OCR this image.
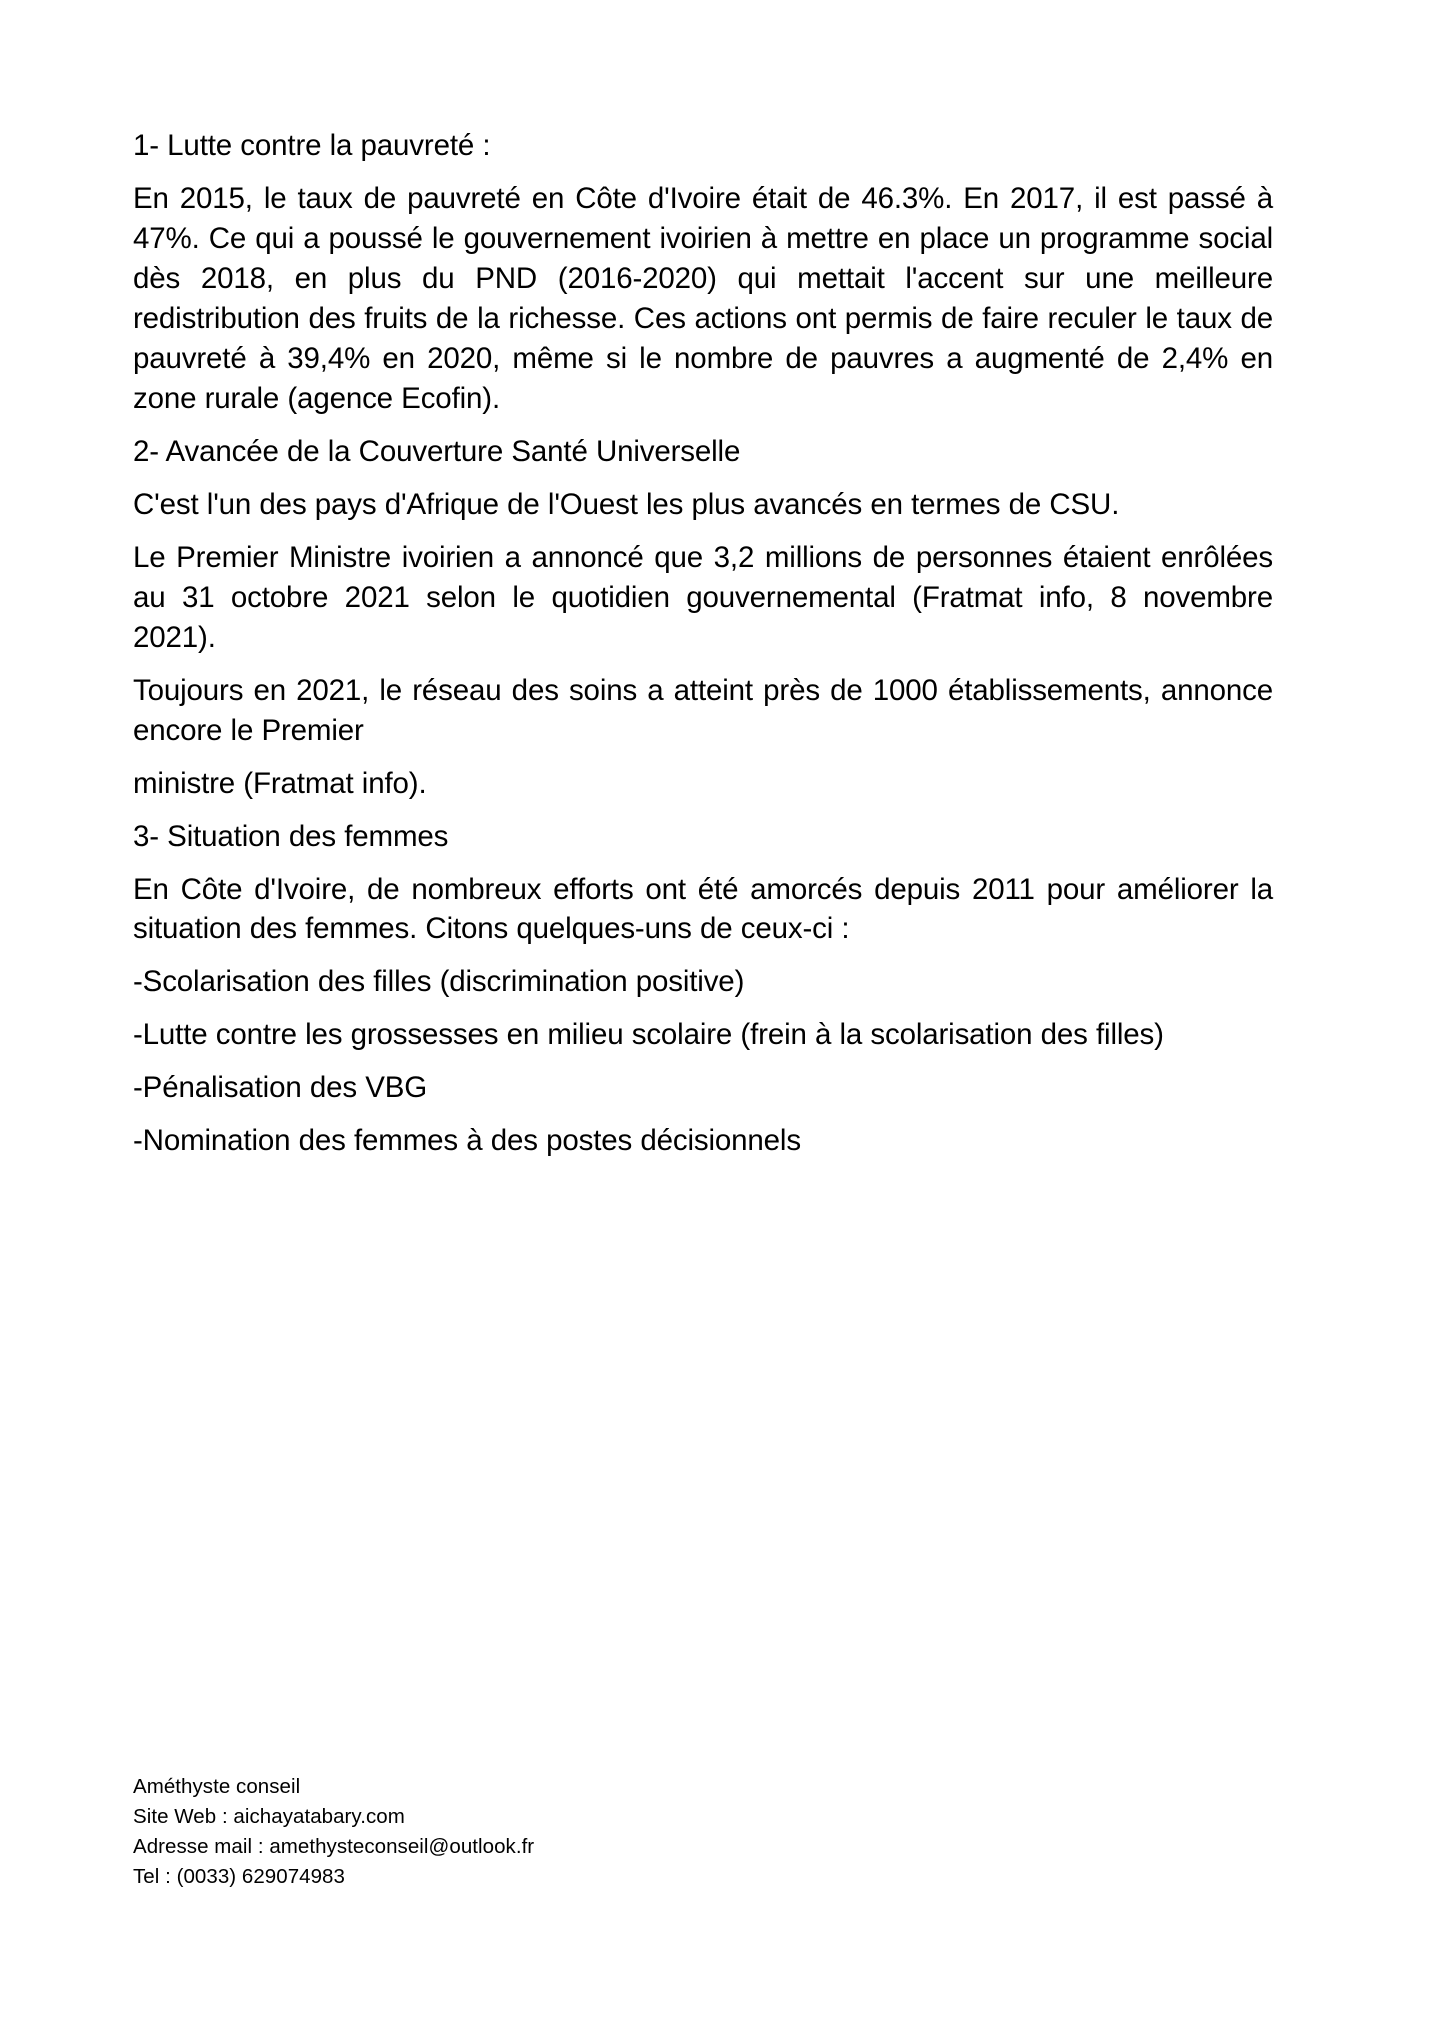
1- Lutte contre la pauvreté :

En 2015, le taux de pauvreté en Côte d'Ivoire était de 46.3%. En 2017, il est passé à 47%. Ce qui a poussé le gouvernement ivoirien à mettre en place un programme social dès 2018, en plus du PND (2016-2020) qui mettait l'accent sur une meilleure redistribution des fruits de la richesse. Ces actions ont permis de faire reculer le taux de pauvreté à 39,4% en 2020, même si le nombre de pauvres a augmenté de 2,4% en zone rurale (agence Ecofin).

2- Avancée de la Couverture Santé Universelle

C'est l'un des pays d'Afrique de l'Ouest les plus avancés en termes de CSU.

Le Premier Ministre ivoirien a annoncé que 3,2 millions de personnes étaient enrôlées au 31 octobre 2021 selon le quotidien gouvernemental (Fratmat info, 8 novembre 2021).

Toujours en 2021, le réseau des soins a atteint près de 1000 établissements, annonce encore le Premier

ministre (Fratmat info).

3- Situation des femmes

En Côte d'Ivoire, de nombreux efforts ont été amorcés depuis 2011 pour améliorer la situation des femmes. Citons quelques-uns de ceux-ci :

-Scolarisation des filles (discrimination positive)

-Lutte contre les grossesses en milieu scolaire (frein à la scolarisation des filles)

-Pénalisation des VBG

-Nomination des femmes à des postes décisionnels

Améthyste conseil

Site Web : aichayatabary.com

Adresse mail : amethysteconseil@outlook.fr

Tel : (0033) 629074983
